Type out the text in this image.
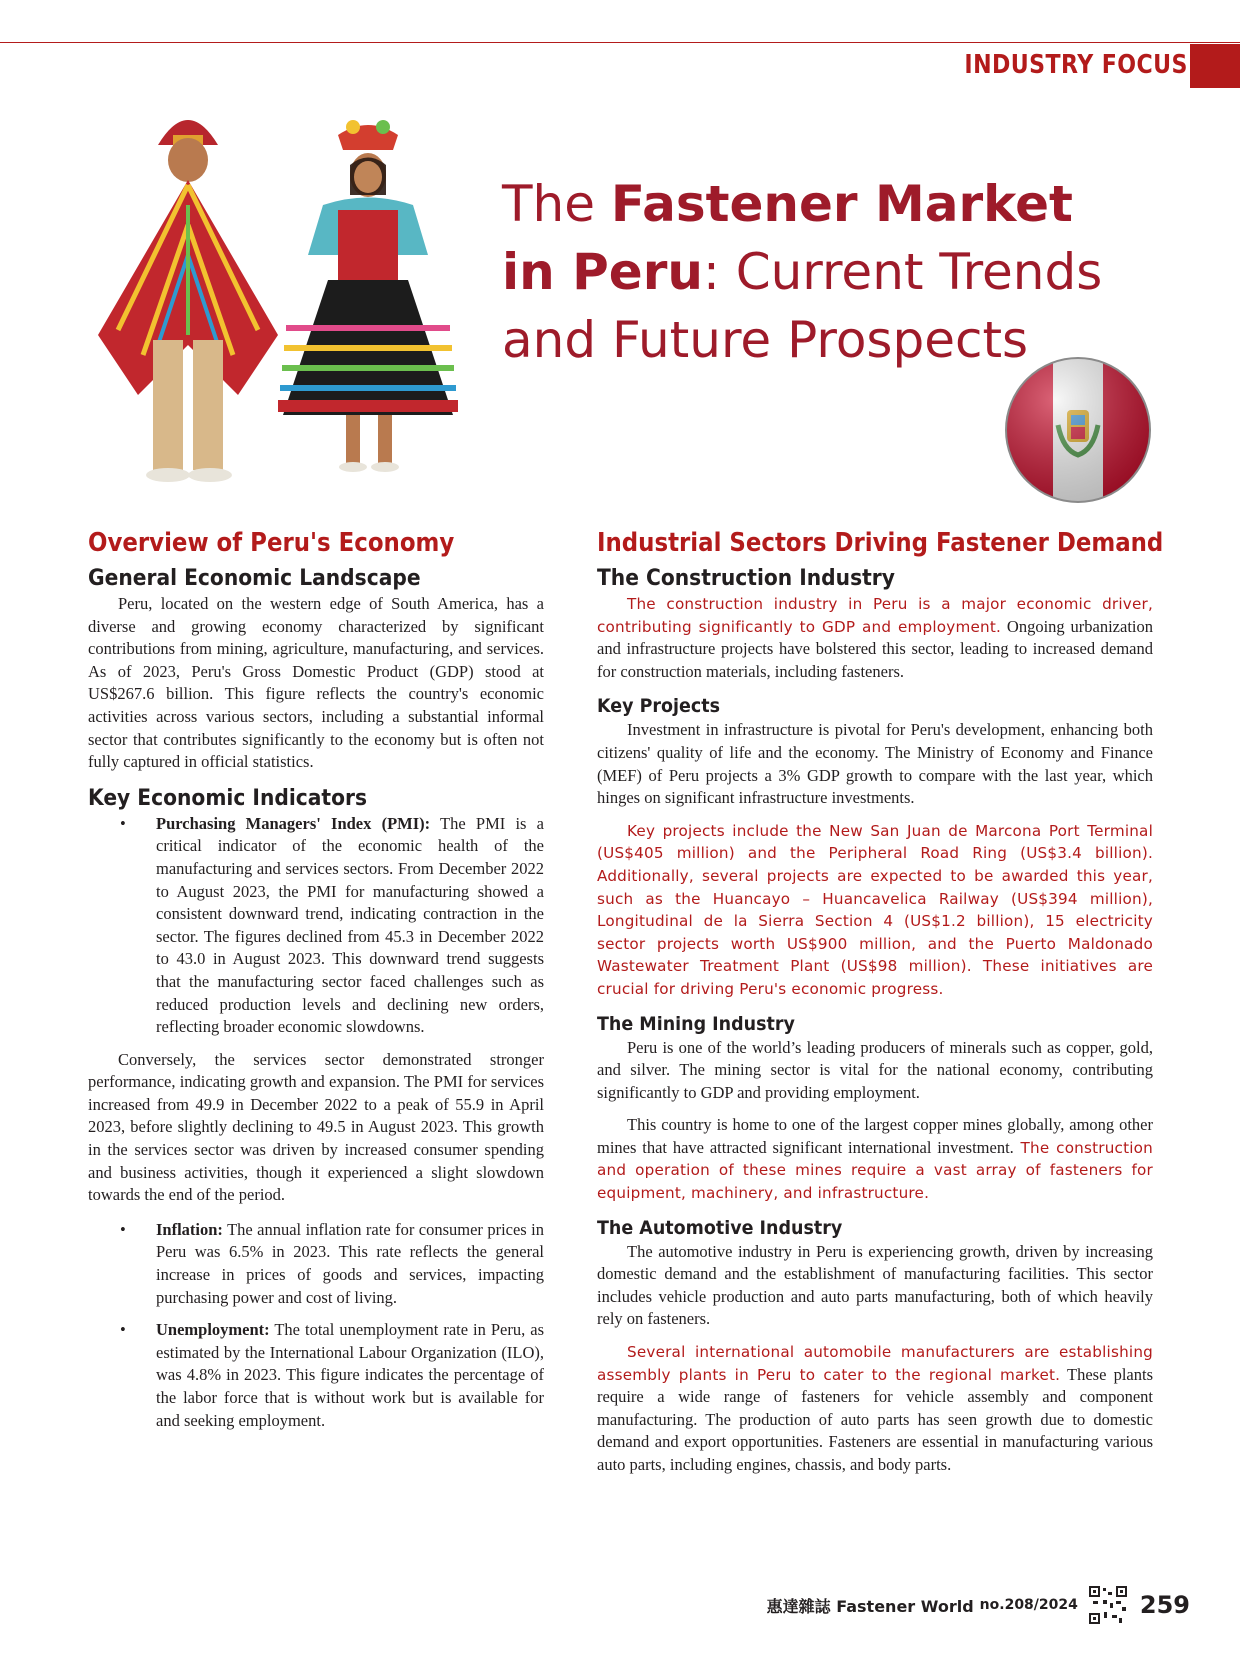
INDUSTRY FOCUS
The Fastener Market
in Peru: Current Trends
and Future Prospects
Overview of Peru's Economy
General Economic Landscape

Peru, located on the western edge of South America, has a diverse and growing economy characterized by significant contributions from mining, agriculture, manufacturing, and services. As of 2023, Peru's Gross Domestic Product (GDP) stood at US$267.6 billion. This figure reflects the country's economic activities across various sectors, including a substantial informal sector that contributes significantly to the economy but is often not fully captured in official statistics.

Key Economic Indicators
• Purchasing Managers' Index (PMI): The PMI is a critical indicator of the economic health of the manufacturing and services sectors. From December 2022 to August 2023, the PMI for manufacturing showed a consistent downward trend, indicating contraction in the sector. The figures declined from 45.3 in December 2022 to 43.0 in August 2023. This downward trend suggests that the manufacturing sector faced challenges such as reduced production levels and declining new orders, reflecting broader economic slowdowns.

Conversely, the services sector demonstrated stronger performance, indicating growth and expansion. The PMI for services increased from 49.9 in December 2022 to a peak of 55.9 in April 2023, before slightly declining to 49.5 in August 2023. This growth in the services sector was driven by increased consumer spending and business activities, though it experienced a slight slowdown towards the end of the period.

• Inflation: The annual inflation rate for consumer prices in Peru was 6.5% in 2023. This rate reflects the general increase in prices of goods and services, impacting purchasing power and cost of living.
• Unemployment: The total unemployment rate in Peru, as estimated by the International Labour Organization (ILO), was 4.8% in 2023. This figure indicates the percentage of the labor force that is without work but is available for and seeking employment.
Industrial Sectors Driving Fastener Demand
The Construction Industry

The construction industry in Peru is a major economic driver, contributing significantly to GDP and employment. Ongoing urbanization and infrastructure projects have bolstered this sector, leading to increased demand for construction materials, including fasteners.

Key Projects

Investment in infrastructure is pivotal for Peru's development, enhancing both citizens' quality of life and the economy. The Ministry of Economy and Finance (MEF) of Peru projects a 3% GDP growth to compare with the last year, which hinges on significant infrastructure investments.

Key projects include the New San Juan de Marcona Port Terminal (US$405 million) and the Peripheral Road Ring (US$3.4 billion). Additionally, several projects are expected to be awarded this year, such as the Huancayo – Huancavelica Railway (US$394 million), Longitudinal de la Sierra Section 4 (US$1.2 billion), 15 electricity sector projects worth US$900 million, and the Puerto Maldonado Wastewater Treatment Plant (US$98 million). These initiatives are crucial for driving Peru's economic progress.

The Mining Industry

Peru is one of the world’s leading producers of minerals such as copper, gold, and silver. The mining sector is vital for the national economy, contributing significantly to GDP and providing employment.

This country is home to one of the largest copper mines globally, among other mines that have attracted significant international investment. The construction and operation of these mines require a vast array of fasteners for equipment, machinery, and infrastructure.

The Automotive Industry

The automotive industry in Peru is experiencing growth, driven by increasing domestic demand and the establishment of manufacturing facilities. This sector includes vehicle production and auto parts manufacturing, both of which heavily rely on fasteners.

Several international automobile manufacturers are establishing assembly plants in Peru to cater to the regional market. These plants require a wide range of fasteners for vehicle assembly and component manufacturing. The production of auto parts has seen growth due to domestic demand and export opportunities. Fasteners are essential in manufacturing various auto parts, including engines, chassis, and body parts.

惠達雜誌 Fastener World no.208/2024	259
